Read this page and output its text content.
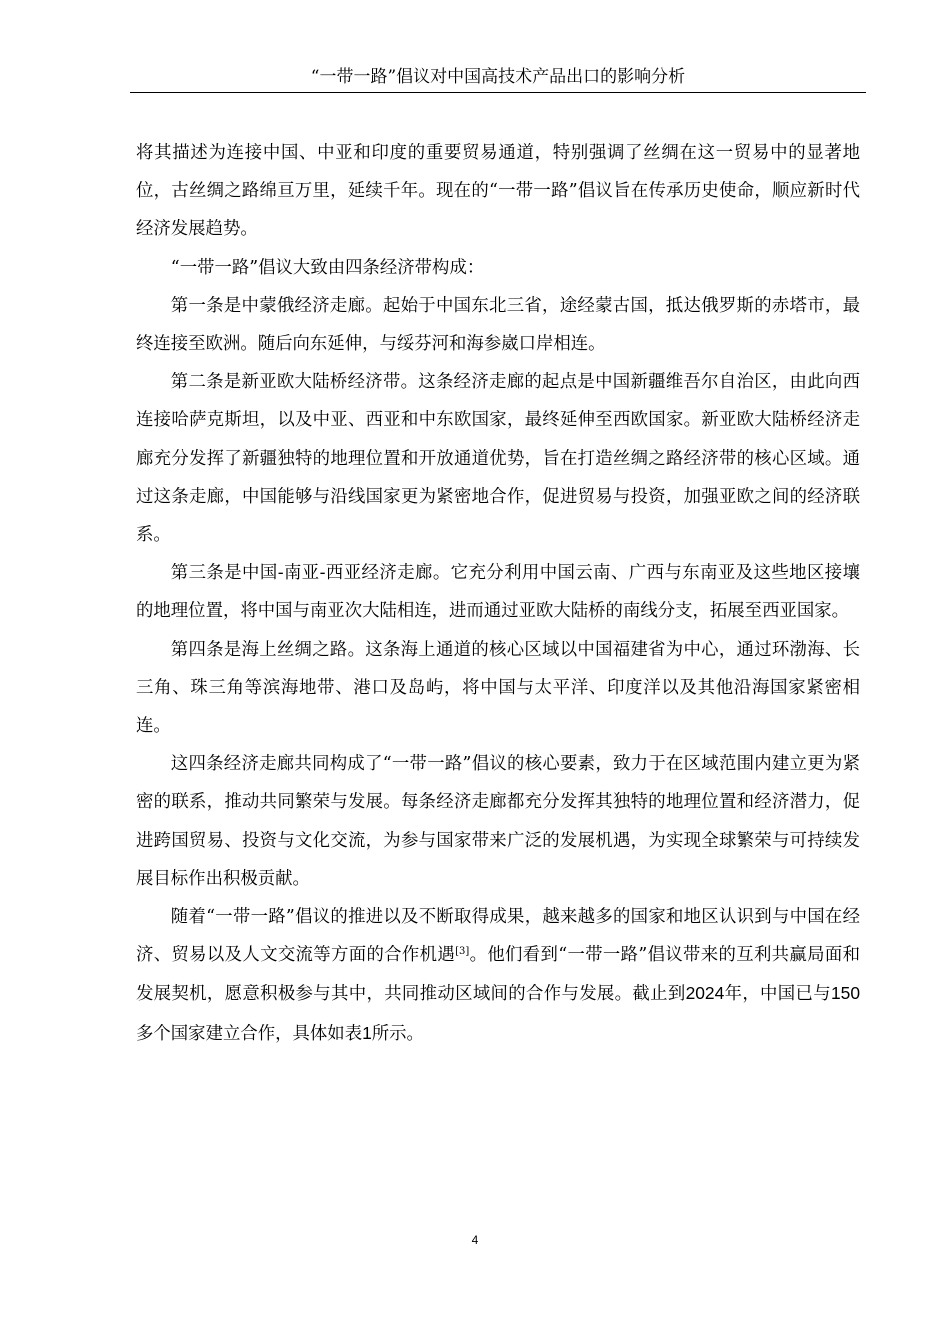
“一带一路”倡议对中国高技术产品出口的影响分析

将其描述为连接中国、中亚和印度的重要贸易通道，特别强调了丝绸在这一贸易中的显著地位，古丝绸之路绵亘万里，延续千年。现在的“一带一路”倡议旨在传承历史使命，顺应新时代经济发展趋势。

“一带一路”倡议大致由四条经济带构成：

第一条是中蒙俄经济走廊。起始于中国东北三省，途经蒙古国，抵达俄罗斯的赤塔市，最终连接至欧洲。随后向东延伸，与绥芬河和海参崴口岸相连。

第二条是新亚欧大陆桥经济带。这条经济走廊的起点是中国新疆维吾尔自治区，由此向西连接哈萨克斯坦，以及中亚、西亚和中东欧国家，最终延伸至西欧国家。新亚欧大陆桥经济走廊充分发挥了新疆独特的地理位置和开放通道优势，旨在打造丝绸之路经济带的核心区域。通过这条走廊，中国能够与沿线国家更为紧密地合作，促进贸易与投资，加强亚欧之间的经济联系。

第三条是中国-南亚-西亚经济走廊。它充分利用中国云南、广西与东南亚及这些地区接壤的地理位置，将中国与南亚次大陆相连，进而通过亚欧大陆桥的南线分支，拓展至西亚国家。

第四条是海上丝绸之路。这条海上通道的核心区域以中国福建省为中心，通过环渤海、长三角、珠三角等滨海地带、港口及岛屿，将中国与太平洋、印度洋以及其他沿海国家紧密相连。

这四条经济走廊共同构成了“一带一路”倡议的核心要素，致力于在区域范围内建立更为紧密的联系，推动共同繁荣与发展。每条经济走廊都充分发挥其独特的地理位置和经济潜力，促进跨国贸易、投资与文化交流，为参与国家带来广泛的发展机遇，为实现全球繁荣与可持续发展目标作出积极贡献。

随着“一带一路”倡议的推进以及不断取得成果，越来越多的国家和地区认识到与中国在经济、贸易以及人文交流等方面的合作机遇[3]。他们看到“一带一路”倡议带来的互利共赢局面和发展契机，愿意积极参与其中，共同推动区域间的合作与发展。截止到2024年，中国已与150多个国家建立合作，具体如表1所示。

4
